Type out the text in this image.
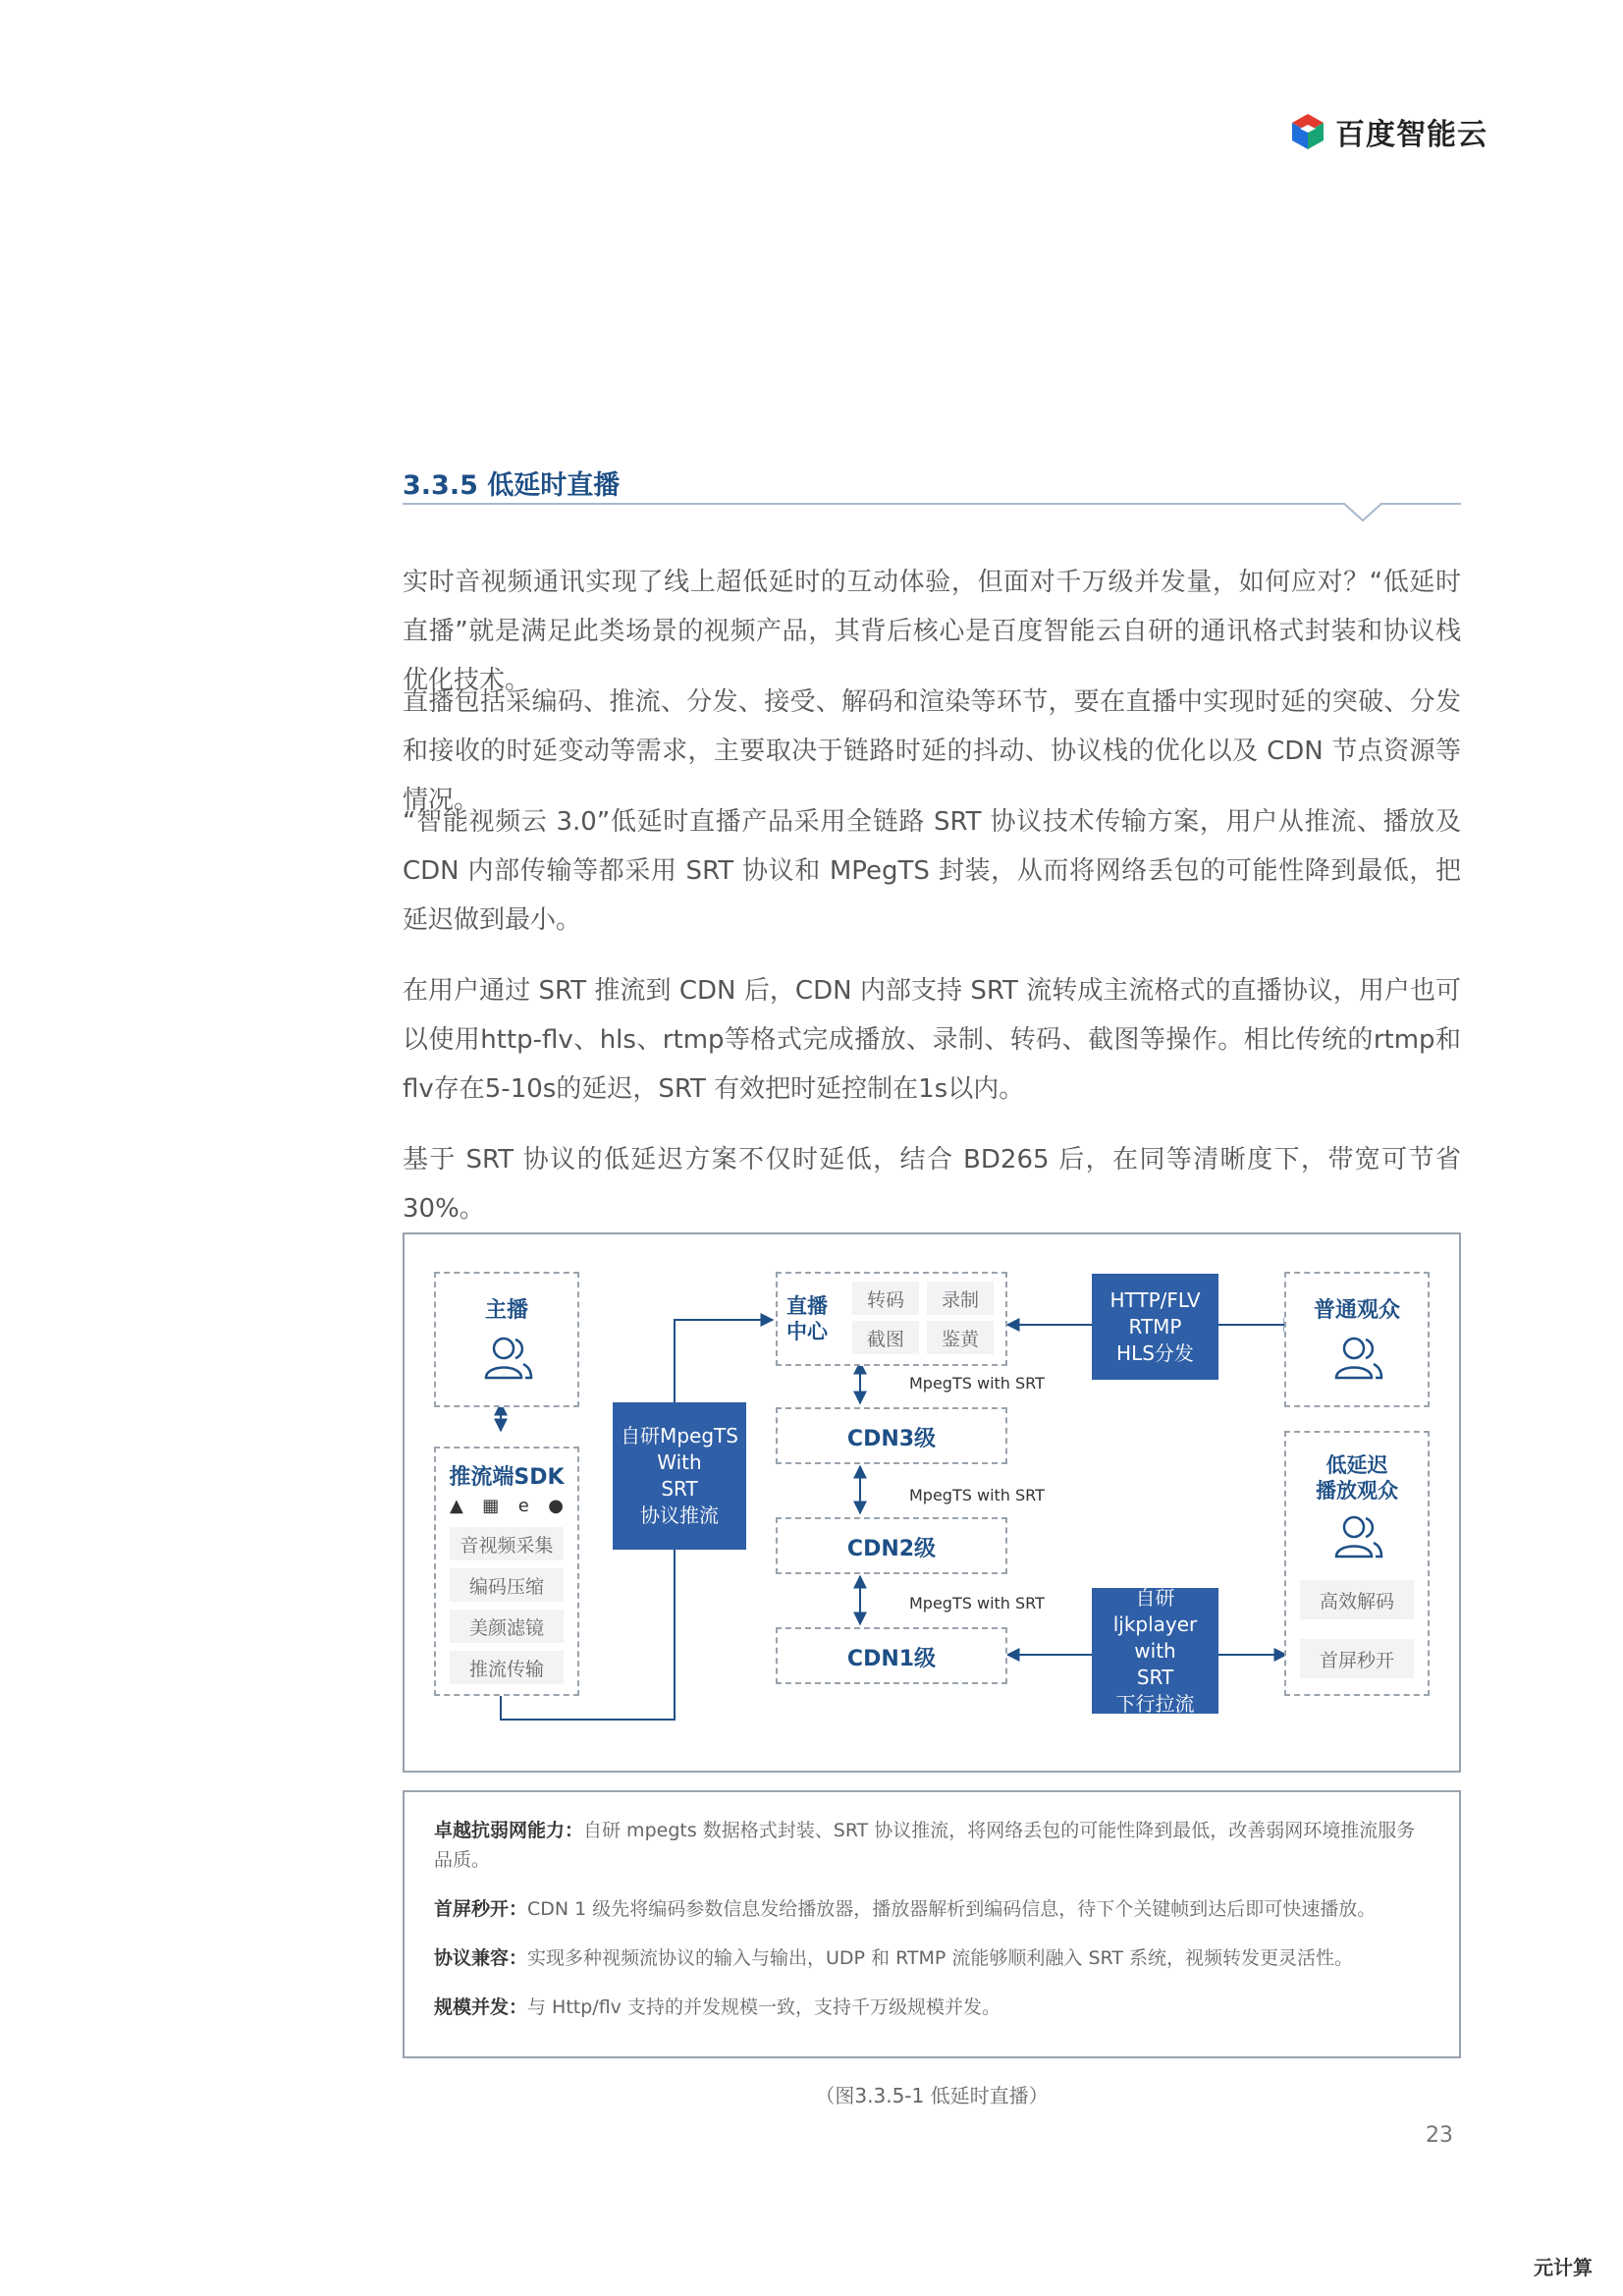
百度智能云
3.3.5 低延时直播

实时音视频通讯实现了线上超低延时的互动体验，但面对千万级并发量，如何应对？“低延时直播”就是满足此类场景的视频产品，其背后核心是百度智能云自研的通讯格式封装和协议栈优化技术。

直播包括采编码、推流、分发、接受、解码和渲染等环节，要在直播中实现时延的突破、分发和接收的时延变动等需求，主要取决于链路时延的抖动、协议栈的优化以及 CDN 节点资源等情况。

“智能视频云 3.0”低延时直播产品采用全链路 SRT 协议技术传输方案，用户从推流、播放及 CDN 内部传输等都采用 SRT 协议和 MPegTS 封装，从而将网络丢包的可能性降到最低，把延迟做到最小。

在用户通过 SRT 推流到 CDN 后，CDN 内部支持 SRT 流转成主流格式的直播协议，用户也可以使用http-flv、hls、rtmp等格式完成播放、录制、转码、截图等操作。相比传统的rtmp和flv存在5-10s的延迟，SRT 有效把时延控制在1s以内。

基于 SRT 协议的低延迟方案不仅时延低，结合 BD265 后，在同等清晰度下，带宽可节省 30%。

主播
推流端SDK
▲ ▦ e ●
音视频采集
编码压缩
美颜滤镜
推流传输
自研MpegTS
With
SRT
协议推流
直播
中心
转码	录制
截图	鉴黄
CDN3级
CDN2级
CDN1级
MpegTS with SRT
MpegTS with SRT
MpegTS with SRT
HTTP/FLV
RTMP
HLS分发
自研
ljkplayer with
SRT
下行拉流
普通观众
低延迟
播放观众
高效解码
首屏秒开
卓越抗弱网能力：自研 mpegts 数据格式封装、SRT 协议推流，将网络丢包的可能性降到最低，改善弱网环境推流服务品质。
首屏秒开：CDN 1 级先将编码参数信息发给播放器，播放器解析到编码信息，待下个关键帧到达后即可快速播放。
协议兼容：实现多种视频流协议的输入与输出，UDP 和 RTMP 流能够顺利融入 SRT 系统，视频转发更灵活性。
规模并发：与 Http/flv 支持的并发规模一致，支持千万级规模并发。
（图3.3.5-1 低延时直播）
23
元计算
